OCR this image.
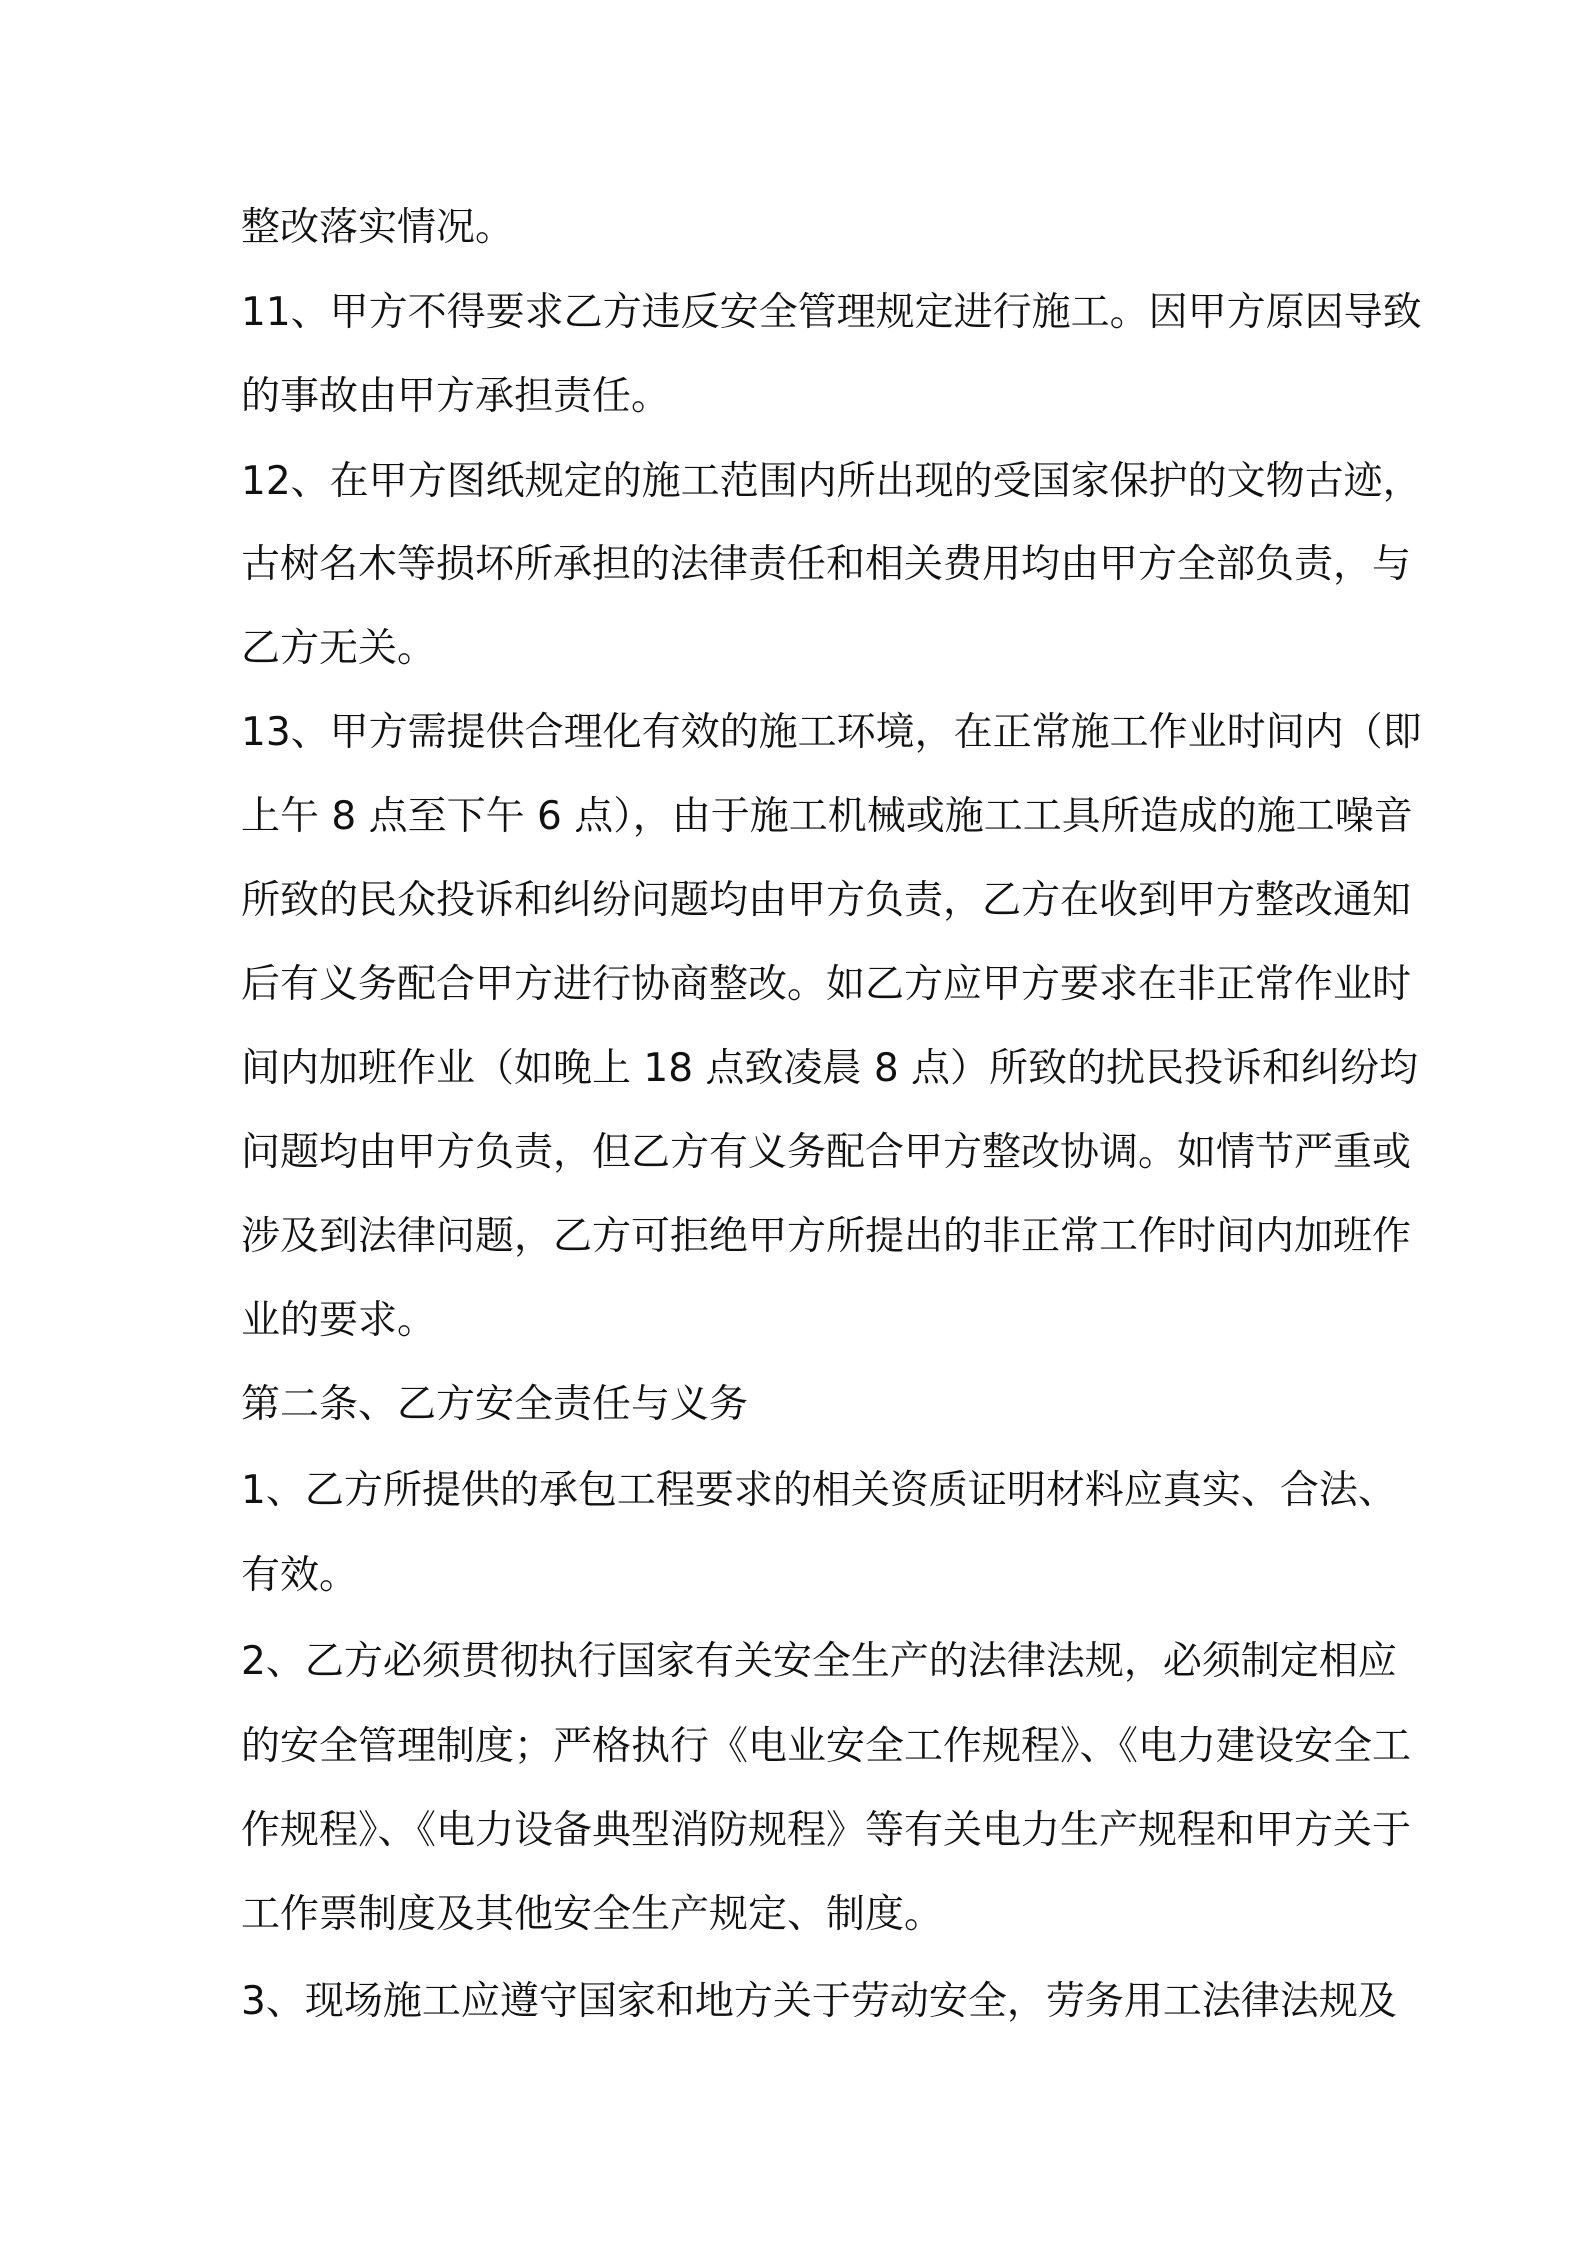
整改落实情况。
11、甲方不得要求乙方违反安全管理规定进行施工。因甲方原因导致
的事故由甲方承担责任。
12、在甲方图纸规定的施工范围内所出现的受国家保护的文物古迹，
古树名木等损坏所承担的法律责任和相关费用均由甲方全部负责，与
乙方无关。
13、甲方需提供合理化有效的施工环境，在正常施工作业时间内（即
上午 8 点至下午 6 点），由于施工机械或施工工具所造成的施工噪音
所致的民众投诉和纠纷问题均由甲方负责，乙方在收到甲方整改通知
后有义务配合甲方进行协商整改。如乙方应甲方要求在非正常作业时
间内加班作业（如晚上 18 点致凌晨 8 点）所致的扰民投诉和纠纷均
问题均由甲方负责，但乙方有义务配合甲方整改协调。如情节严重或
涉及到法律问题，乙方可拒绝甲方所提出的非正常工作时间内加班作
业的要求。
第二条、乙方安全责任与义务
1、乙方所提供的承包工程要求的相关资质证明材料应真实、合法、
有效。
2、乙方必须贯彻执行国家有关安全生产的法律法规，必须制定相应
的安全管理制度；严格执行《电业安全工作规程》、《电力建设安全工
作规程》、《电力设备典型消防规程》等有关电力生产规程和甲方关于
工作票制度及其他安全生产规定、制度。
3、现场施工应遵守国家和地方关于劳动安全，劳务用工法律法规及
